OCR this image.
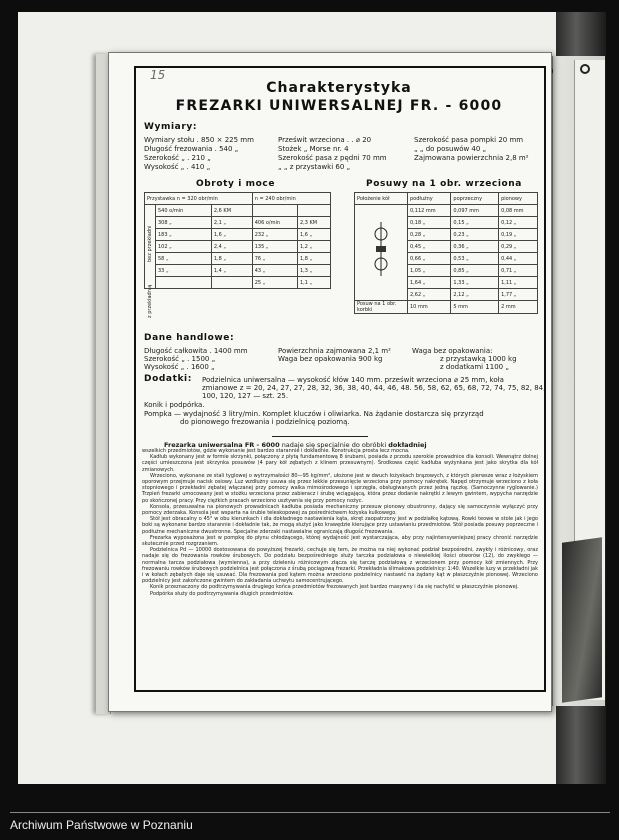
15
Charakterystyka
FREZARKI UNIWERSALNEJ FR. - 6000
Wymiary:
Wymiary stołu . 850 × 225 mm
Długość frezowania . 540 „
Szerokość „ . 210 „
Wysokość „ . 410 „
Prześwit wrzeciona . . ⌀ 20
Stożek „ Morse nr. 4
Szerokość pasa z pędni 70 mm
„ „ z przystawki 60 „
Szerokość pasa pompki 20 mm
„ „ do posuwów 40 „
Zajmowana powierzchnia 2,8 m²
Obroty i moce
bez przekładni
z przekładnią
Przystawka n = 320 obr/min			n = 240 obr/min	
	540 o/min	2,6 KM		
	308 „	2,1 „	406 o/min	2,3 KM
	183 „	1,6 „	232 „	1,6 „
	102 „	2,4 „	135 „	1,2 „
	58 „	1,8 „	76 „	1,8 „
	33 „	1,4 „	43 „	1,3 „
			25 „	1,1 „
Posuwy na 1 obr. wrzeciona
Położenie kół	podłużny	poprzeczny	pionowy
	0,112 mm	0,097 mm	0,08 mm
	0,18 „	0,15 „	0,12 „
	0,28 „	0,23 „	0,19 „
	0,45 „	0,36 „	0,29 „
	0,66 „	0,53 „	0,44 „
	1,05 „	0,85 „	0,71 „
	1,64 „	1,33 „	1,11 „
	2,62 „	2,12 „	1,77 „
Posuw na 1 obr. korbki	10 mm	5 mm	2 mm
Dane handlowe:
Długość całkowita . 1400 mm
Szerokość „ . 1500 „
Wysokość „ . 1600 „
Powierzchnia zajmowana 2,1 m²
Waga bez opakowania 900 kg
Waga bez opakowania:
z przystawką 1000 kg
z dodatkami 1100 „
Dodatki: Podzielnica uniwersalna — wysokość kłów 140 mm. prześwit wrzeciona ⌀ 25 mm, koła
zmianowe z = 20, 24, 27, 27, 28, 32, 36, 38, 40, 44, 46, 48. 56, 58, 62, 65, 68, 72, 74, 75, 82, 84,
100, 120, 127 — szt. 25.
Konik i podpórka.
Pompka — wydajność 3 litry/min. Komplet kluczów i oliwiarka. Na żądanie dostarcza się przyrząd
do pionowego frezowania i podzielnicę poziomą.
Frezarka uniwersalna FR - 6000 nadaje się specjalnie do obróbki dokładniej

wszelkich przedmiotów, gdzie wykonanie jest bardzo starannie i dokładnie. Konstrukcja prosta lecz mocna.

Kadłub wykonany jest w formie skrzynki, połączony z płytą fundamentową 8 śrubami, posiada z przodu szerokie prowadnice dla konsoli. Wewnątrz dolnej części umieszczona jest skrzynka posuwów (4 pary kół zębatych z klinem przesuwnym). Środkowa część kadłuba wyżynkana jest jako skrytka dla kół zmianowych.

Wrzeciono, wykonane ze stali tyglowej o wytrzymałości 80—95 kg/mm², ułożone jest w dwuch łożyskach brązowych, z których pierwsze wraz z łożyskiem oporowym przejmuje nacisk osiowy. Luz wzdłużny usuwa się przez lekkie przesunięcie wrzeciona przy pomocy nakrętek. Napęd otrzymuje wrzeciono z koła stopniowego i przekładni zębatej włączanej przy pomocy walka mimośrodowego i sprzęgła, obsługiwanych przez jedną rączkę. (Samoczynne ryglowanie.) Trzpień frezarki umocowany jest w stożku wrzeciona przez zabieracz i śrubę wciągającą, która przez dodanie nakrętki z lewym gwintem, wypycha narzędzie po skończonej pracy. Przy ciężkich pracach wrzeciono usztywnia się przy pomocy nożyc.

Konsola, przesuwalna na pionowych prowadnicach kadłuba posiada mechaniczny przesuw pionowy obustronny, dający się samoczynnie wyłączyć przy pomocy zderzaka. Konsola jest wsparta na śrubie teleskopowej za pośrednictwem łożyska kulkowego.

Stół jest obracalny o 45° w obu kierunkach i dla dokładnego nastawienia kąta, skręt zaopatrzony jest w podziałkę kątową. Rowki teowe w stole jak i jego boki są wykonane bardzo starannie i dokładnie tak, że mogą służyć jako krawędzie kierujące przy ustawianiu przedmiotów. Stół posiada posuwy poprzeczne i podłużne mechaniczne dwustronne. Specjalne zderzaki nastawialne ograniczają długość frezowania.

Frezarka wyposażona jest w pompkę do płynu chłodzącego, której wydajność jest wystarczająca, aby przy najintensywniejszej pracy chronić narzędzie skutecznie przed rozgrzaniem.

Podzielnica Pd — 10000 dostosowana do powyższej frezarki, cechuje się tem, że można na niej wykonać podział bezpośredni, zwykły i różnicowy, oraz nadaje się do frezowania rowków śrubowych. Do podziału bezpośredniego służy tarczka podziałowa o niewielkiej ilości otworów (12), do zwykłego — normalna tarcza podziałowa (wymienna), a przy dzieleniu różnicowym złącza się tarczę podziałową z wrzecionem przy pomocy kół zmiennych. Przy frezowaniu rowków śrubowych podzielnica jest połączona z śrubą pociągową frezarki. Przekładnia ślimakowa podzielnicy: 1:40. Wszelkie luzy w przekładni jak i w kołach zębatych daje się usuwać. Dla frezowania pod kątem można wrzeciono podzielnicy nastawić na żądany kąt w płaszczyźnie pionowej. Wrzeciono podzielnicy jest zakończone gwintem do zakładania uchwytu samocentrującego.

Konik przeznaczony do podtrzymywania drugiego końca przedmiotów frezowanych jest bardzo masywny i da się nachylić w płaszczyźnie pionowej.

Podpórka służy do podtrzymywania długich przedmiotów.

Archiwum Państwowe w Poznaniu
